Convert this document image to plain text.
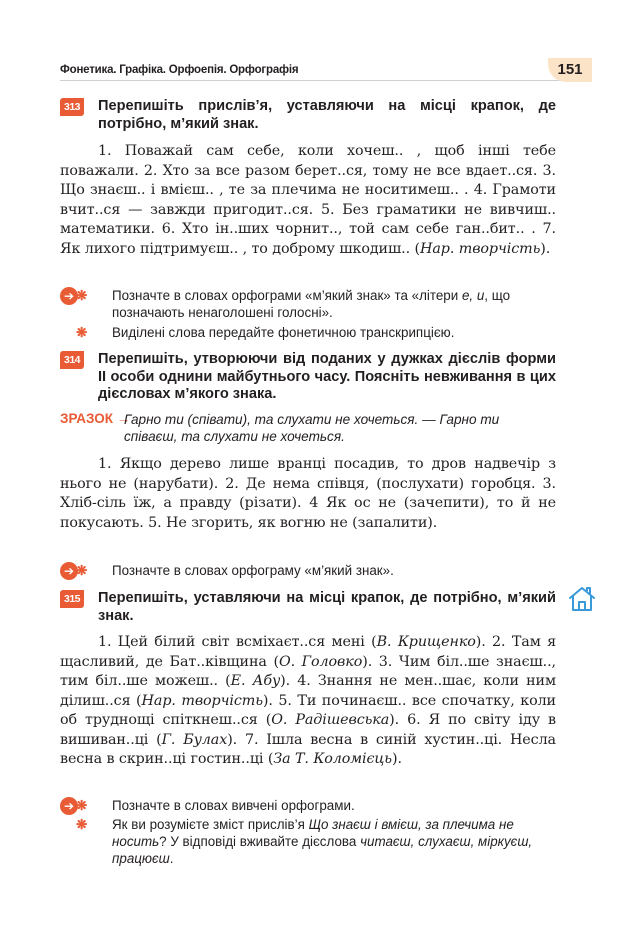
Фонетика. Графіка. Орфоепія. Орфографія	151
313 Перепишіть прислів’я, уставляючи на місці крапок, де потрібно, м’який знак.

1. Поважай сам себе, коли хочеш.. , щоб інші тебе поважали. 2. Хто за все разом берет..ся, тому не все вдает..ся. 3. Що знаєш.. і вмієш.. , те за плечима не носитимеш.. . 4. Грамоти вчит..ся — завжди пригодит..ся. 5. Без граматики не вивчиш.. математики. 6. Хто ін..ших чорнит.., той сам себе ган..бит.. . 7. Як лихого підтримуєш.. , то доброму шкодиш.. (Нар. творчість).

➔ ❋ Позначте в словах орфограми «м’який знак» та «літери е, и, що позначають ненаголошені голосні».
❋ Виділені слова передайте фонетичною транскрипцією.
314 Перепишіть, утворюючи від поданих у дужках дієслів форми ІІ особи однини майбутнього часу. Поясніть невживання в цих дієсловах м’якого знака.
ЗРАЗОК →
Гарно ти (співати), та слухати не хочеться. — Гарно ти співаєш, та слухати не хочеться.

1. Якщо дерево лише вранці посадив, то дров надвечір з нього не (нарубати). 2. Де нема співця, (послухати) горобця. 3. Хліб-сіль їж, а правду (різати). 4 Як ос не (зачепити), то й не покусають. 5. Не згорить, як вогню не (запалити).

➔ ❋ Позначте в словах орфограму «м’який знак».
315 Перепишіть, уставляючи на місці крапок, де потрібно, м’який знак.

1. Цей білий світ всміхаєт..ся мені (В. Крищенко). 2. Там я щасливий, де Бат..ківщина (О. Головко). 3. Чим біл..ше знаєш.., тим біл..ше можеш.. (Е. Абу). 4. Знання не мен..шає, коли ним ділиш..ся (Нар. творчість). 5. Ти починаєш.. все спочатку, коли об труднощі спіткнеш..ся (О. Радішевська). 6. Я по світу іду в вишиван..ці (Г. Булах). 7. Ішла весна в синій хустин..ці. Несла весна в скрин..ці гостин..ці (За Т. Коломієць).

➔ ❋ Позначте в словах вивчені орфограми.
❋ Як ви розумієте зміст прислів’я Що знаєш і вмієш, за плечима не носить? У відповіді вживайте дієслова читаєш, слухаєш, міркуєш, працюєш.
